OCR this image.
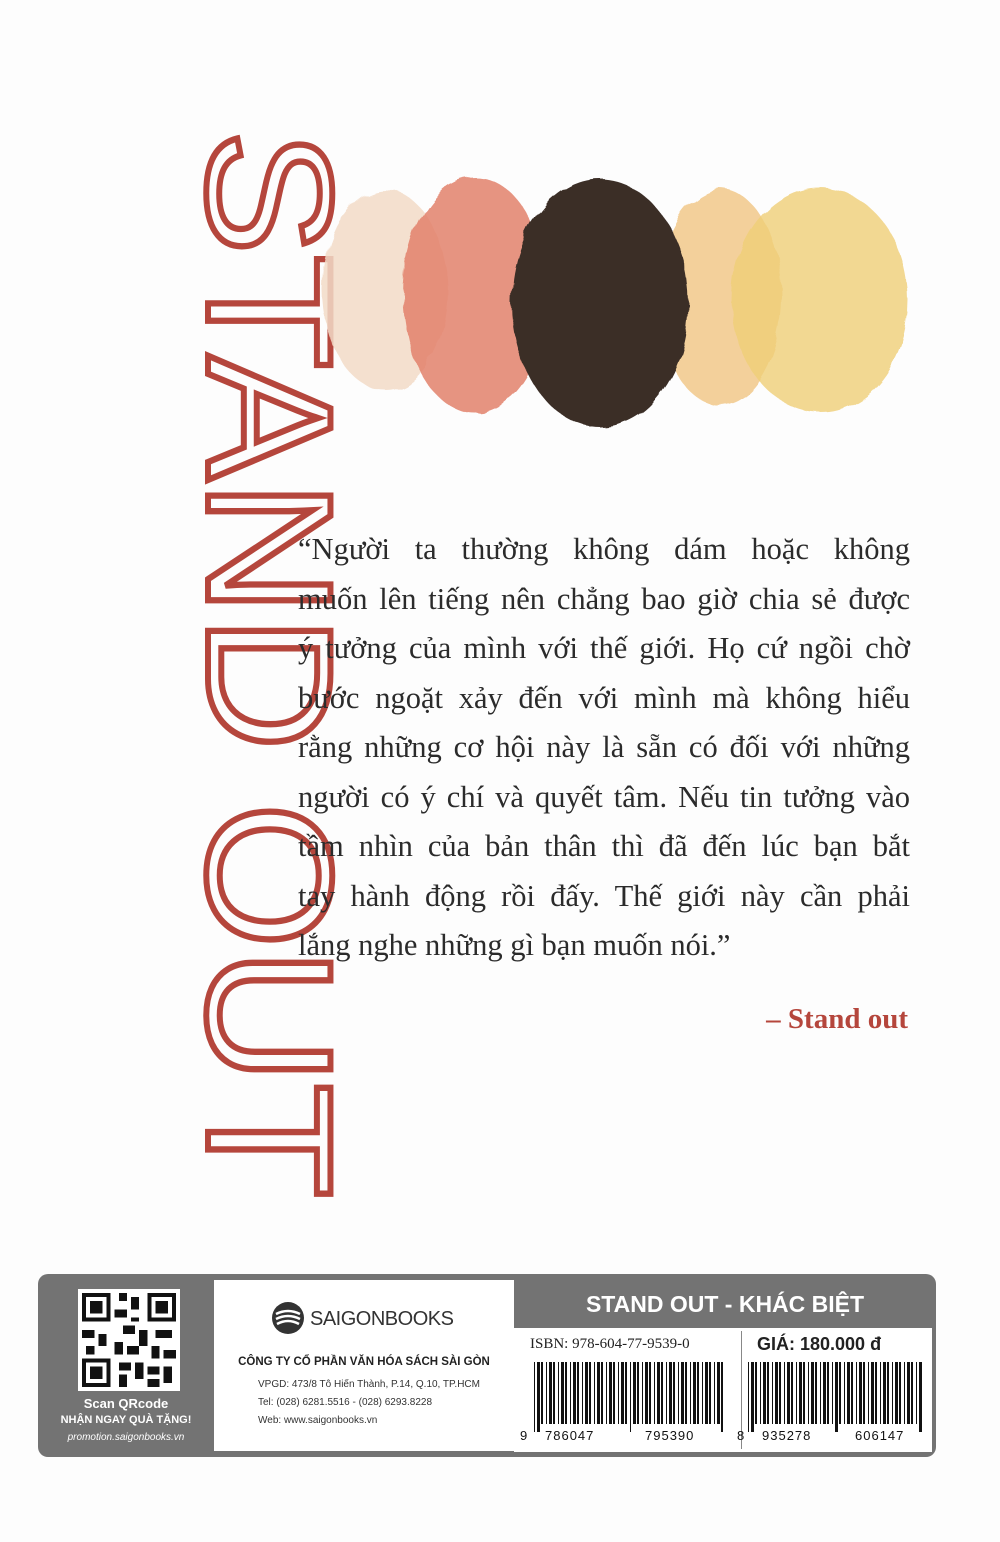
STAND OUT
“Người ta thường không dám hoặc không
muốn lên tiếng nên chẳng bao giờ chia sẻ được
ý tưởng của mình với thế giới. Họ cứ ngồi chờ
bước ngoặt xảy đến với mình mà không hiểu
rằng những cơ hội này là sẵn có đối với những
người có ý chí và quyết tâm. Nếu tin tưởng vào
tầm nhìn của bản thân thì đã đến lúc bạn bắt
tay hành động rồi đấy. Thế giới này cần phải
lắng nghe những gì bạn muốn nói.”
– Stand out
Scan QRcode
NHẬN NGAY QUÀ TẶNG!
promotion.saigonbooks.vn
SAIGONBOOKS
CÔNG TY CỔ PHẦN VĂN HÓA SÁCH SÀI GÒN
VPGD: 473/8 Tô Hiến Thành, P.14, Q.10, TP.HCM
Tel: (028) 6281.5516 - (028) 6293.8228
Web: www.saigonbooks.vn
STAND OUT - KHÁC BIỆT
ISBN: 978-604-77-9539-0	GIÁ: 180.000 đ
9 786047	795390	8 935278	606147
